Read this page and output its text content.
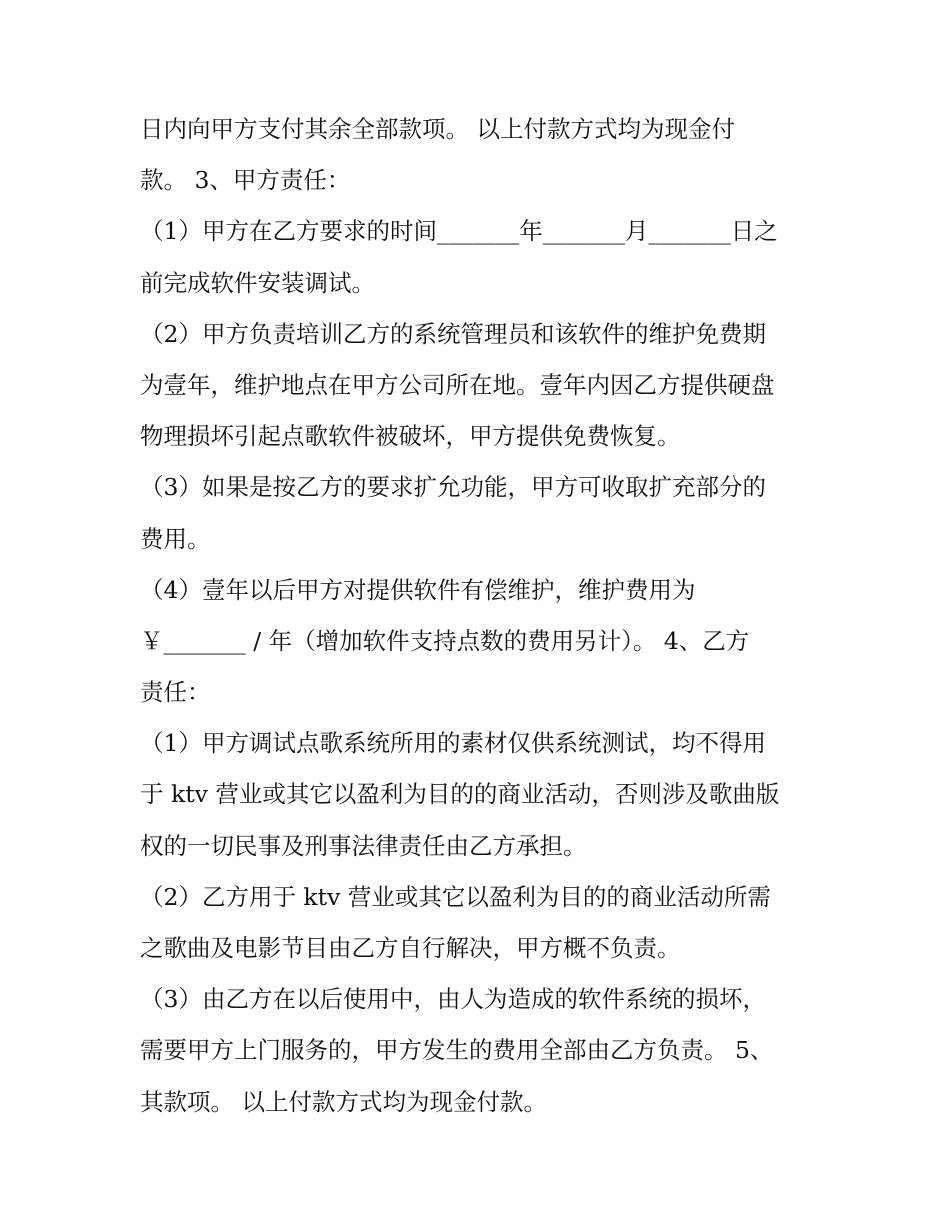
日内向甲方支付其余全部款项。 以上付款方式均为现金付
款。 3、甲方责任：
（1）甲方在乙方要求的时间_______年_______月_______日之
前完成软件安装调试。
（2）甲方负责培训乙方的系统管理员和该软件的维护免费期
为壹年，维护地点在甲方公司所在地。壹年内因乙方提供硬盘
物理损坏引起点歌软件被破坏，甲方提供免费恢复。
（3）如果是按乙方的要求扩允功能，甲方可收取扩充部分的
费用。
（4）壹年以后甲方对提供软件有偿维护，维护费用为
￥_______ / 年（增加软件支持点数的费用另计）。 4、乙方
责任：
（1）甲方调试点歌系统所用的素材仅供系统测试，均不得用
于 ktv 营业或其它以盈利为目的的商业活动，否则涉及歌曲版
权的一切民事及刑事法律责任由乙方承担。
（2）乙方用于 ktv 营业或其它以盈利为目的的商业活动所需
之歌曲及电影节目由乙方自行解决，甲方概不负责。
（3）由乙方在以后使用中，由人为造成的软件系统的损坏，
需要甲方上门服务的，甲方发生的费用全部由乙方负责。 5、
其款项。 以上付款方式均为现金付款。
